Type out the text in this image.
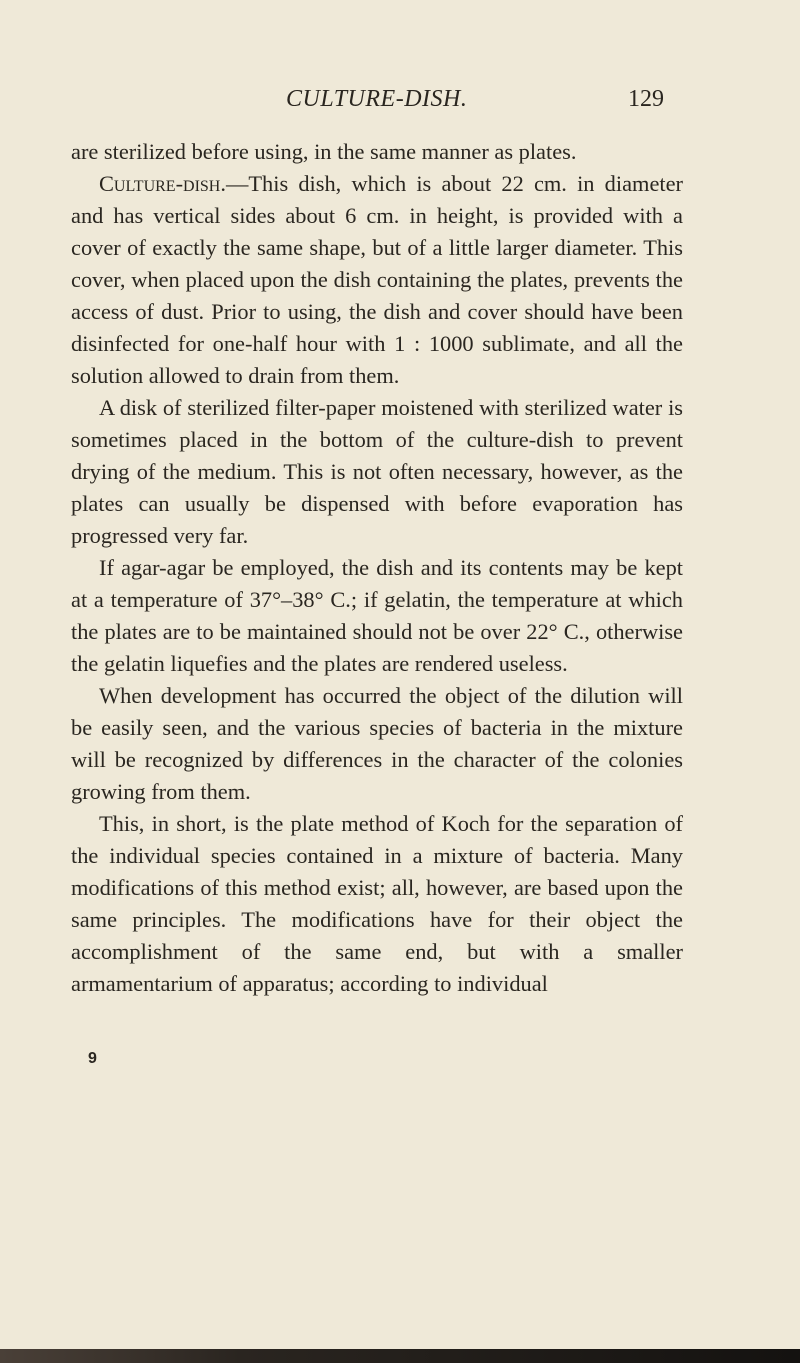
CULTURE-DISH.	129

are sterilized before using, in the same manner as plates.

Culture-dish.—This dish, which is about 22 cm. in diameter and has vertical sides about 6 cm. in height, is provided with a cover of exactly the same shape, but of a little larger diameter. This cover, when placed upon the dish containing the plates, prevents the access of dust. Prior to using, the dish and cover should have been disinfected for one-half hour with 1 : 1000 sublimate, and all the solution allowed to drain from them.

A disk of sterilized filter-paper moistened with sterilized water is sometimes placed in the bottom of the culture-dish to prevent drying of the medium. This is not often necessary, however, as the plates can usually be dispensed with before evaporation has progressed very far.

If agar-agar be employed, the dish and its contents may be kept at a temperature of 37°–38° C.; if gelatin, the temperature at which the plates are to be maintained should not be over 22° C., otherwise the gelatin liquefies and the plates are rendered useless.

When development has occurred the object of the dilution will be easily seen, and the various species of bacteria in the mixture will be recognized by differences in the character of the colonies growing from them.

This, in short, is the plate method of Koch for the separation of the individual species contained in a mixture of bacteria. Many modifications of this method exist; all, however, are based upon the same principles. The modifications have for their object the accomplishment of the same end, but with a smaller armamentarium of apparatus; according to individual

9
